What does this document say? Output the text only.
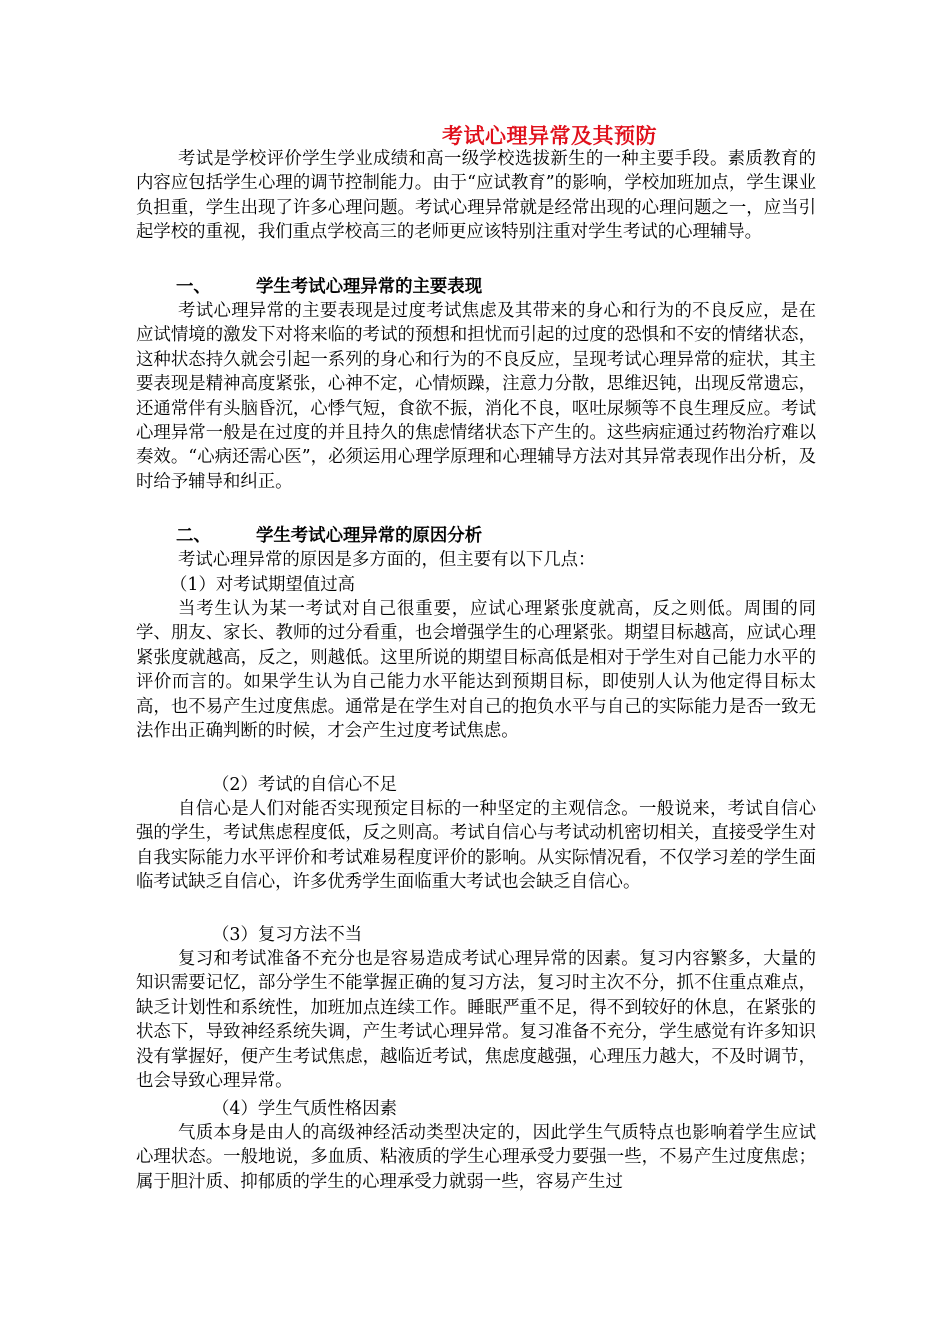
考试心理异常及其预防

考试是学校评价学生学业成绩和高一级学校选拔新生的一种主要手段。素质教育的内容应包括学生心理的调节控制能力。由于“应试教育”的影响，学校加班加点，学生课业负担重，学生出现了许多心理问题。考试心理异常就是经常出现的心理问题之一，应当引起学校的重视，我们重点学校高三的老师更应该特别注重对学生考试的心理辅导。

一、	学生考试心理异常的主要表现

考试心理异常的主要表现是过度考试焦虑及其带来的身心和行为的不良反应，是在应试情境的激发下对将来临的考试的预想和担忧而引起的过度的恐惧和不安的情绪状态，这种状态持久就会引起一系列的身心和行为的不良反应，呈现考试心理异常的症状，其主要表现是精神高度紧张，心神不定，心情烦躁，注意力分散，思维迟钝，出现反常遗忘，还通常伴有头脑昏沉，心悸气短，食欲不振，消化不良，呕吐尿频等不良生理反应。考试心理异常一般是在过度的并且持久的焦虑情绪状态下产生的。这些病症通过药物治疗难以奏效。“心病还需心医”，必须运用心理学原理和心理辅导方法对其异常表现作出分析，及时给予辅导和纠正。

二、	学生考试心理异常的原因分析

考试心理异常的原因是多方面的，但主要有以下几点：

（1）对考试期望值过高

当考生认为某一考试对自己很重要，应试心理紧张度就高，反之则低。周围的同学、朋友、家长、教师的过分看重，也会增强学生的心理紧张。期望目标越高，应试心理紧张度就越高，反之，则越低。这里所说的期望目标高低是相对于学生对自己能力水平的评价而言的。如果学生认为自己能力水平能达到预期目标，即使别人认为他定得目标太高，也不易产生过度焦虑。通常是在学生对自己的抱负水平与自己的实际能力是否一致无法作出正确判断的时候，才会产生过度考试焦虑。

（2）考试的自信心不足

自信心是人们对能否实现预定目标的一种坚定的主观信念。一般说来，考试自信心强的学生，考试焦虑程度低，反之则高。考试自信心与考试动机密切相关，直接受学生对自我实际能力水平评价和考试难易程度评价的影响。从实际情况看，不仅学习差的学生面临考试缺乏自信心，许多优秀学生面临重大考试也会缺乏自信心。

（3）复习方法不当

复习和考试准备不充分也是容易造成考试心理异常的因素。复习内容繁多，大量的知识需要记忆，部分学生不能掌握正确的复习方法，复习时主次不分，抓不住重点难点，缺乏计划性和系统性，加班加点连续工作。睡眠严重不足，得不到较好的休息，在紧张的状态下，导致神经系统失调，产生考试心理异常。复习准备不充分，学生感觉有许多知识没有掌握好，便产生考试焦虑，越临近考试，焦虑度越强，心理压力越大，不及时调节，也会导致心理异常。

（4）学生气质性格因素

气质本身是由人的高级神经活动类型决定的，因此学生气质特点也影响着学生应试心理状态。一般地说，多血质、粘液质的学生心理承受力要强一些，不易产生过度焦虑；属于胆汁质、抑郁质的学生的心理承受力就弱一些，容易产生过
